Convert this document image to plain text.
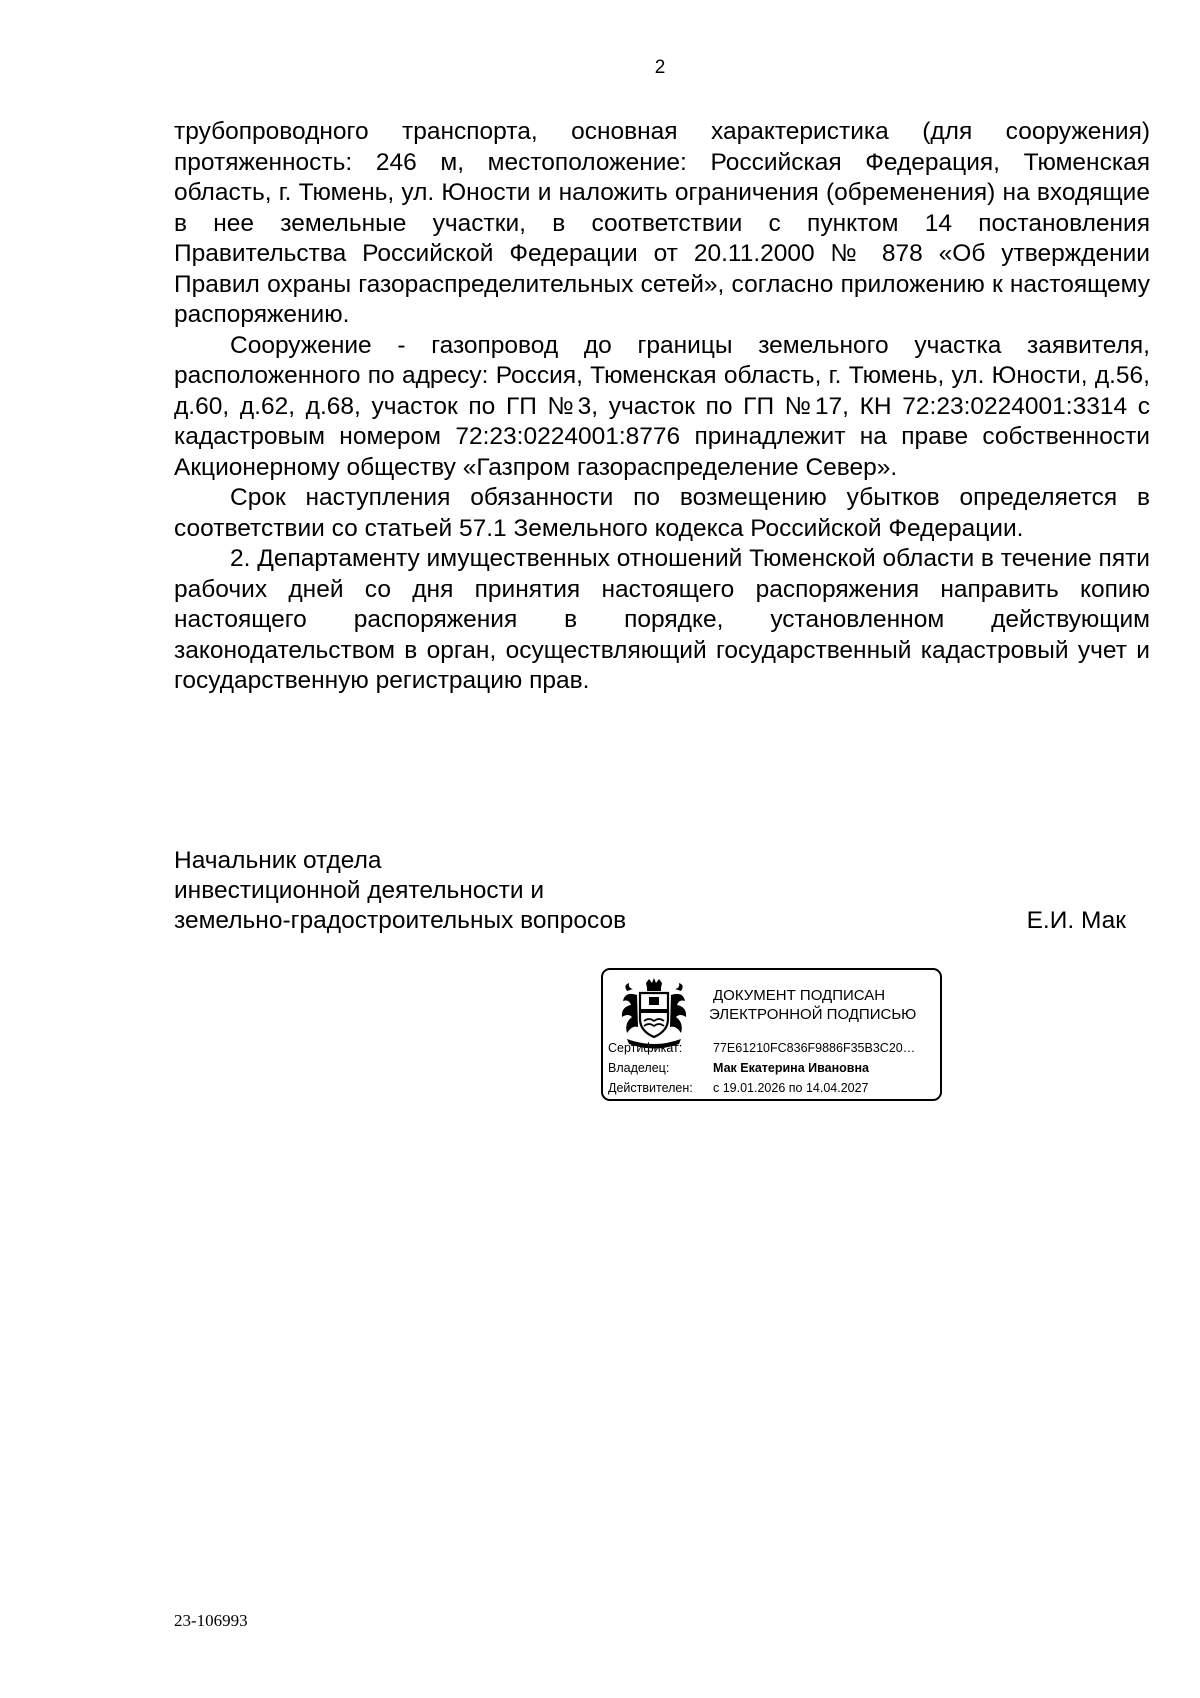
2

трубопроводного транспорта, основная характеристика (для сооружения) протяженность: 246 м, местоположение: Российская Федерация, Тюменская область, г. Тюмень, ул. Юности и наложить ограничения (обременения) на входящие в нее земельные участки, в соответствии с пунктом 14 постановления Правительства Российской Федерации от 20.11.2000 № 878 «Об утверждении Правил охраны газораспределительных сетей», согласно приложению к настоящему распоряжению.

Сооружение - газопровод до границы земельного участка заявителя, расположенного по адресу: Россия, Тюменская область, г. Тюмень, ул. Юности, д.56, д.60, д.62, д.68, участок по ГП №3, участок по ГП №17, КН 72:23:0224001:3314 с кадастровым номером 72:23:0224001:8776 принадлежит на праве собственности Акционерному обществу «Газпром газораспределение Север».

Срок наступления обязанности по возмещению убытков определяется в соответствии со статьей 57.1 Земельного кодекса Российской Федерации.

2. Департаменту имущественных отношений Тюменской области в течение пяти рабочих дней со дня принятия настоящего распоряжения направить копию настоящего распоряжения в порядке, установленном действующим законодательством в орган, осуществляющий государственный кадастровый учет и государственную регистрацию прав.

Начальник отдела
инвестиционной деятельности и
земельно-градостроительных вопросов	Е.И. Мак
ДОКУМЕНТ ПОДПИСАН
ЭЛЕКТРОННОЙ ПОДПИСЬЮ
Сертификат:	77E61210FC836F9886F35B3C20…
Владелец:	Мак Екатерина Ивановна
Действителен:	с 19.01.2026 по 14.04.2027
23-106993
